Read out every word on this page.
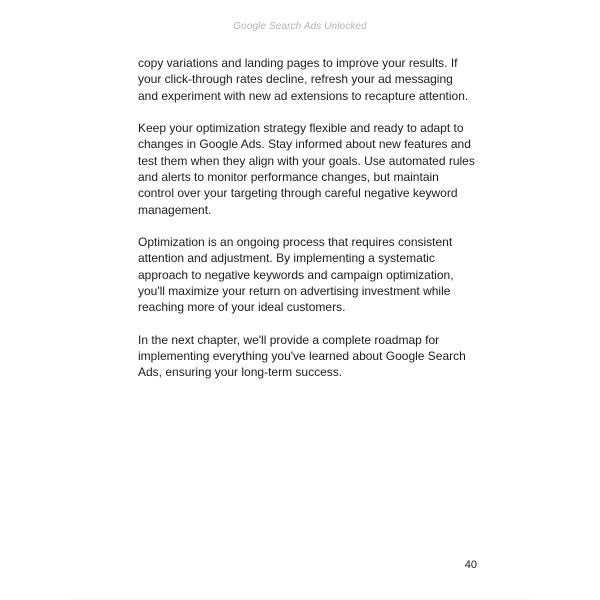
Google Search Ads Unlocked

copy variations and landing pages to improve your results. If
your click-through rates decline, refresh your ad messaging
and experiment with new ad extensions to recapture attention.

Keep your optimization strategy flexible and ready to adapt to
changes in Google Ads. Stay informed about new features and
test them when they align with your goals. Use automated rules
and alerts to monitor performance changes, but maintain
control over your targeting through careful negative keyword
management.

Optimization is an ongoing process that requires consistent
attention and adjustment. By implementing a systematic
approach to negative keywords and campaign optimization,
you'll maximize your return on advertising investment while
reaching more of your ideal customers.

In the next chapter, we'll provide a complete roadmap for
implementing everything you've learned about Google Search
Ads, ensuring your long-term success.

40
